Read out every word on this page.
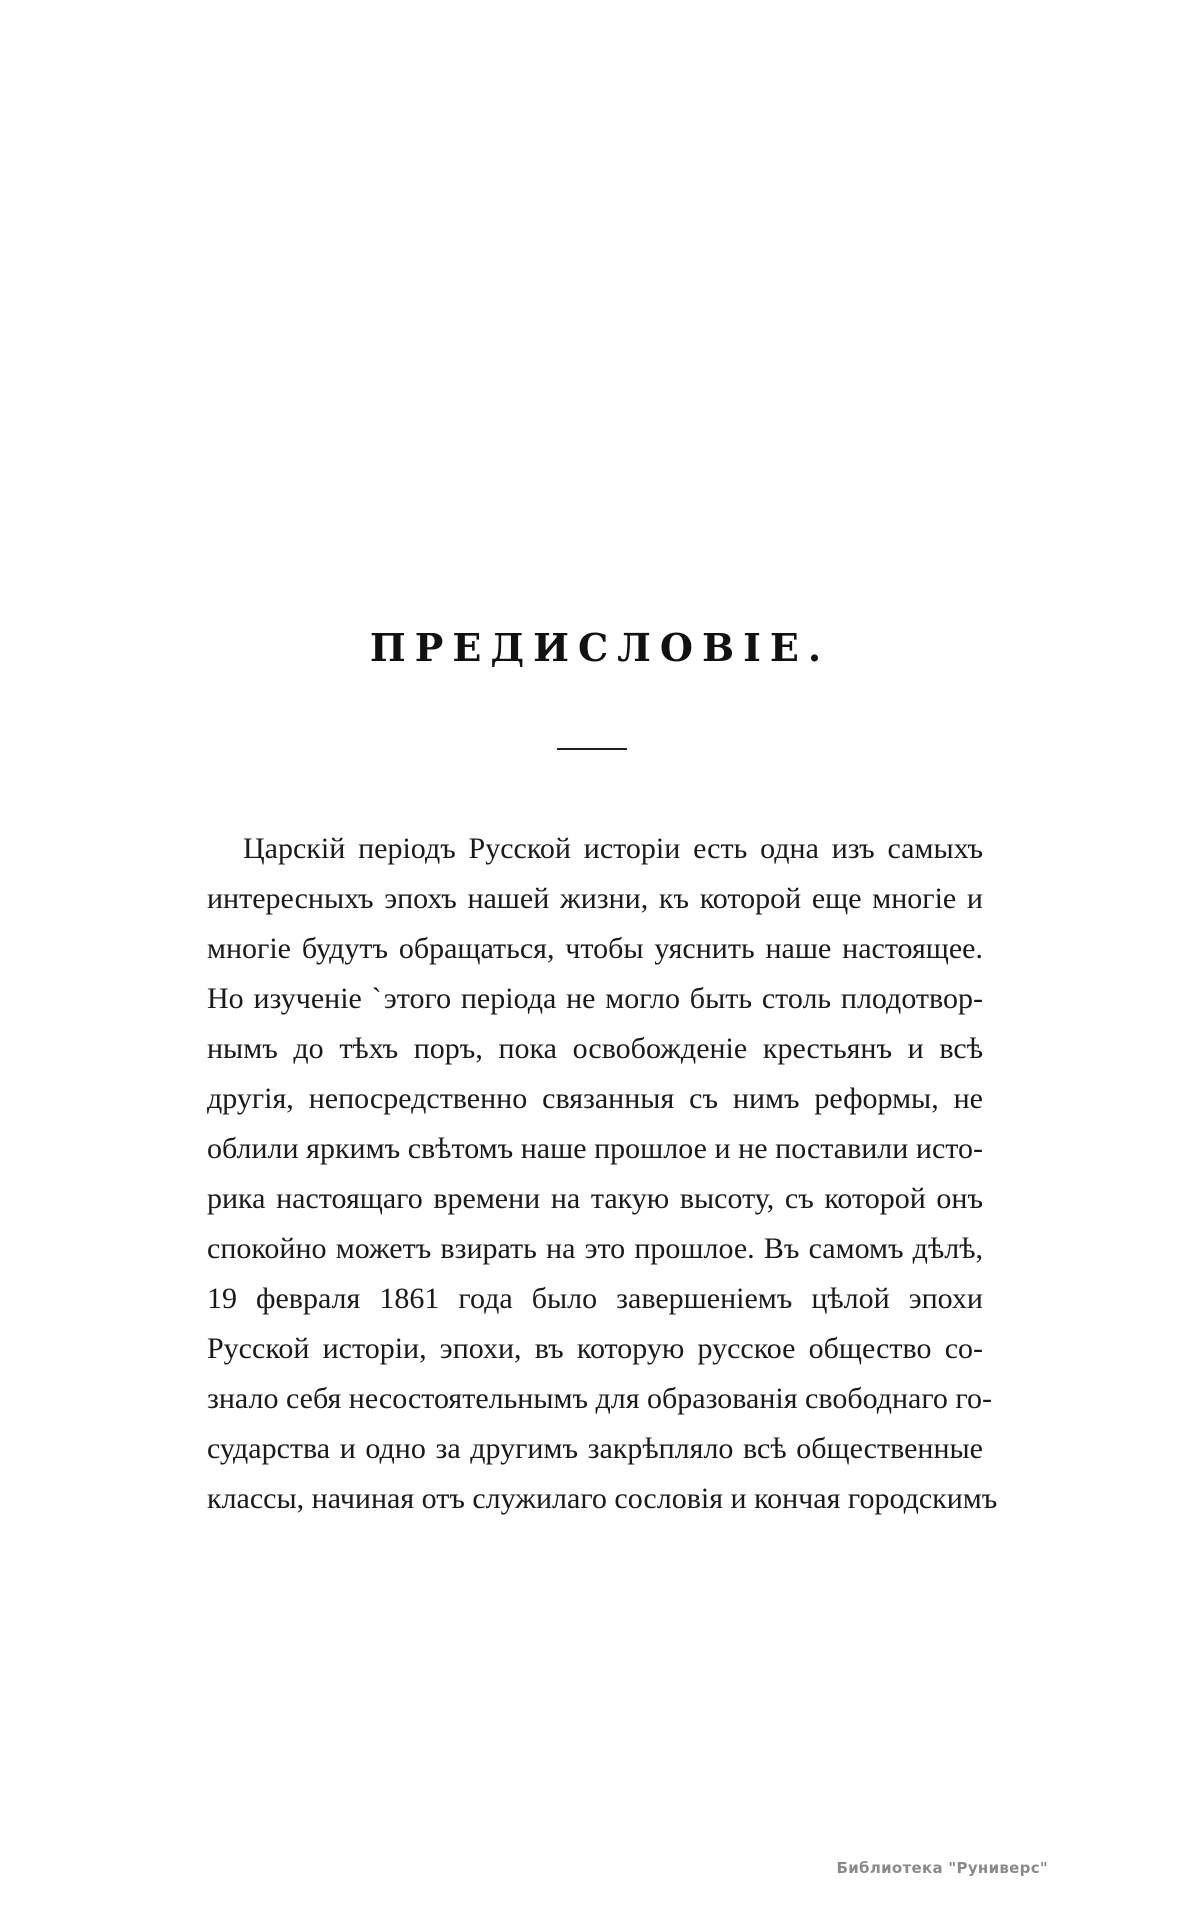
ПРЕДИСЛОВІЕ.
Царскій періодъ Русской исторіи есть одна изъ самыхъ
интересныхъ эпохъ нашей жизни, къ которой еще многіе и
многіе будутъ обращаться, чтобы уяснить наше настоящее.
Но изученіе ˋэтого періода не могло быть столь плодотвор-
нымъ до тѣхъ поръ, пока освобожденіе крестьянъ и всѣ
другія, непосредственно связанныя съ нимъ реформы, не
облили яркимъ свѣтомъ наше прошлое и не поставили исто-
рика настоящаго времени на такую высоту, съ которой онъ
спокойно можетъ взирать на это прошлое. Въ самомъ дѣлѣ,
19 февраля 1861 года было завершеніемъ цѣлой эпохи
Русской исторіи, эпохи, въ которую русское общество со-
знало себя несостоятельнымъ для образованія свободнаго го-
сударства и одно за другимъ закрѣпляло всѣ общественные
классы, начиная отъ служилаго сословія и кончая городскимъ
Библиотека "Руниверс"
